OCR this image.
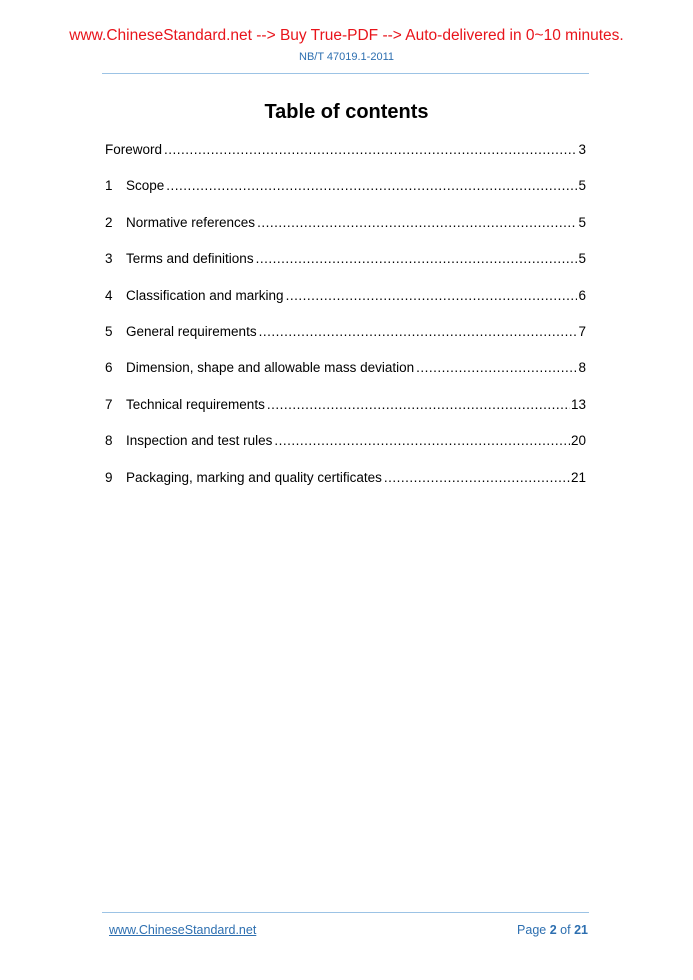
www.ChineseStandard.net --> Buy True-PDF --> Auto-delivered in 0~10 minutes.
NB/T 47019.1-2011
Table of contents
Foreword .....	3
1 Scope .....	5
2 Normative references .....	5
3 Terms and definitions .....	5
4 Classification and marking .....	6
5 General requirements .....	7
6 Dimension, shape and allowable mass deviation .....	8
7 Technical requirements .....	13
8 Inspection and test rules .....	20
9 Packaging, marking and quality certificates .....	21
www.ChineseStandard.net	Page 2 of 21
